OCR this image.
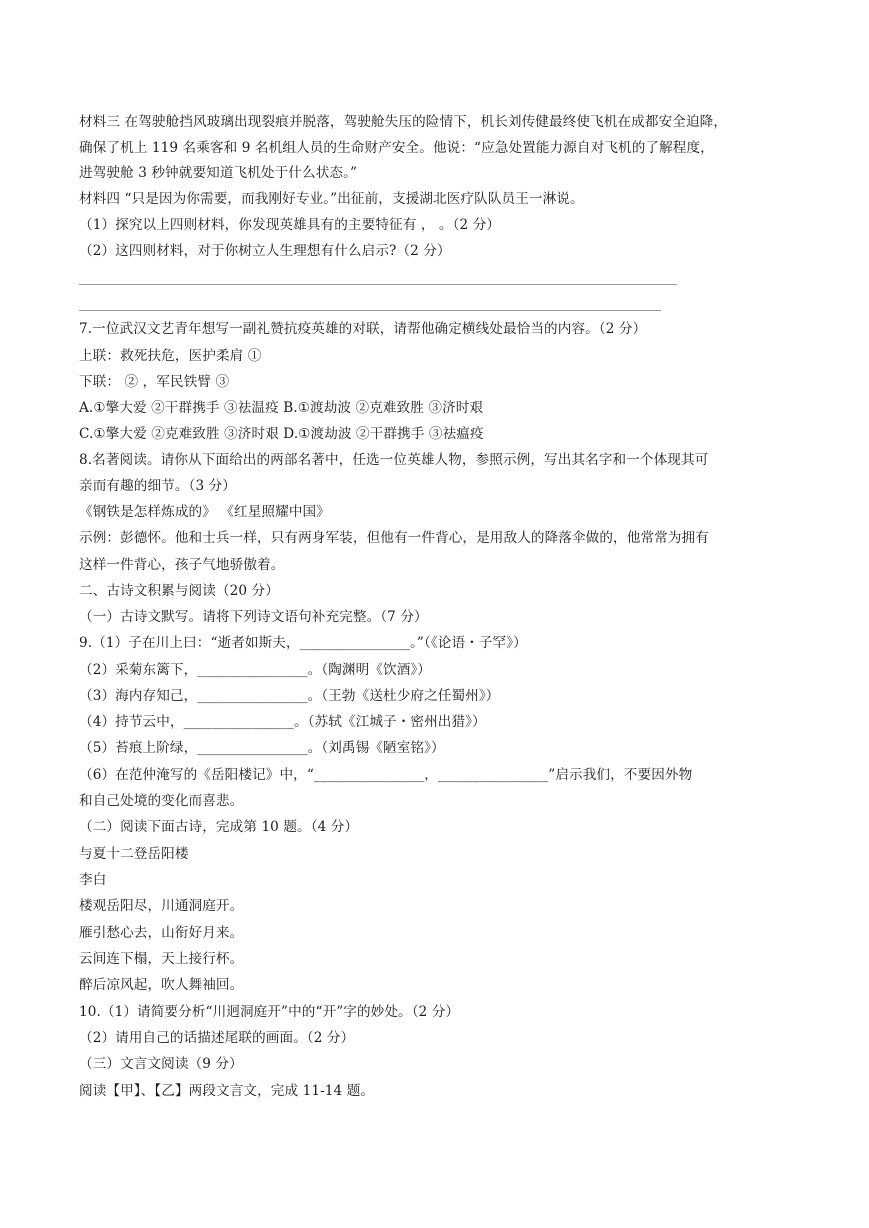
材料三 在驾驶舱挡风玻璃出现裂痕并脱落，驾驶舱失压的险情下，机长刘传健最终使飞机在成都安全迫降，
确保了机上 119 名乘客和 9 名机组人员的生命财产安全。他说：“应急处置能力源自对飞机的了解程度，
进驾驶舱 3 秒钟就要知道飞机处于什么状态。”
材料四 “只是因为你需要，而我刚好专业。”出征前，支援湖北医疗队队员王一淋说。
（1）探究以上四则材料，你发现英雄具有的主要特征有 ， 。（2 分）
（2）这四则材料，对于你树立人生理想有什么启示?（2 分）
7.一位武汉文艺青年想写一副礼赞抗疫英雄的对联，请帮他确定横线处最恰当的内容。（2 分）
上联：救死扶危，医护柔肩 ①
下联： ② ，军民铁臂 ③
A.①擎大爱 ②干群携手 ③祛温疫 B.①渡劫波 ②克难致胜 ③济时艰
C.①擎大爱 ②克难致胜 ③济时艰 D.①渡劫波 ②干群携手 ③祛瘟疫
8.名著阅读。请你从下面给出的两部名著中，任选一位英雄人物，参照示例，写出其名字和一个体现其可
亲而有趣的细节。（3 分）
《钢铁是怎样炼成的》 《红星照耀中国》
示例：彭德怀。他和士兵一样，只有两身军装，但他有一件背心，是用敌人的降落伞做的，他常常为拥有
这样一件背心，孩子气地骄傲着。
二、古诗文积累与阅读（20 分）
（一）古诗文默写。请将下列诗文语句补充完整。（7 分）
9.（1）子在川上曰：“逝者如斯夫，________________。”（《论语・子罕》）
（2）采菊东篱下，________________。（陶渊明《饮酒》）
（3）海内存知己，________________。（王勃《送杜少府之任蜀州》）
（4）持节云中，________________。（苏轼《江城子・密州出猎》）
（5）苔痕上阶绿，________________。（刘禹锡《陋室铭》）
（6）在范仲淹写的《岳阳楼记》中，“________________，________________”启示我们，不要因外物
和自己处境的变化而喜悲。
（二）阅读下面古诗，完成第 10 题。（4 分）
与夏十二登岳阳楼
李白
楼观岳阳尽，川通洞庭开。
雁引愁心去，山衔好月来。
云间连下榻，天上接行杯。
醉后凉风起，吹人舞袖回。
10.（1）请简要分析“川迥洞庭开”中的“开”字的妙处。（2 分）
（2）请用自己的话描述尾联的画面。（2 分）
（三）文言文阅读（9 分）
阅读【甲】、【乙】两段文言文，完成 11-14 题。
